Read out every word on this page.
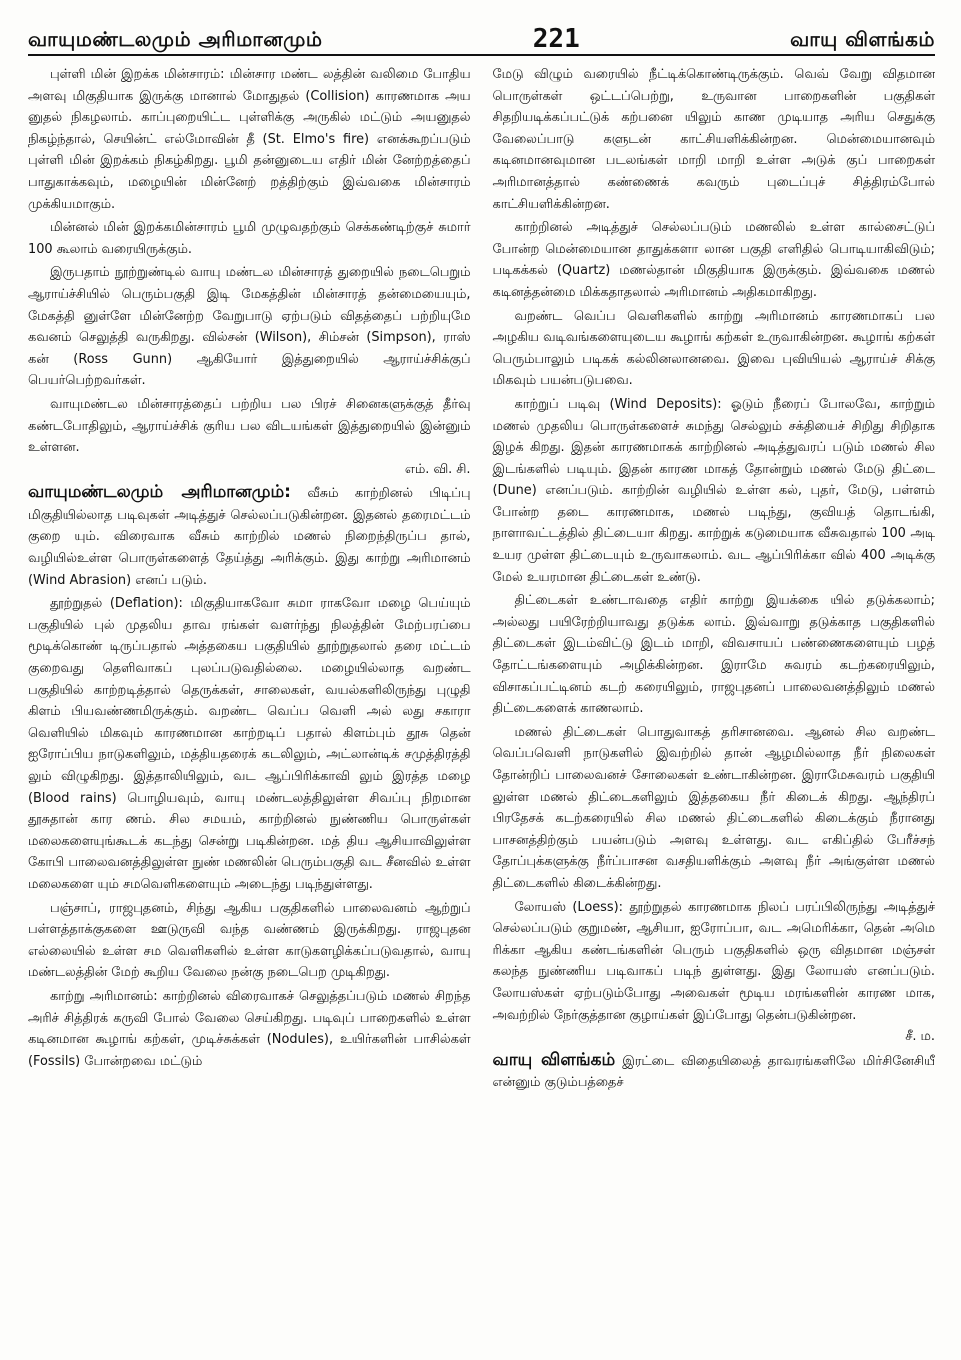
வாயுமண்டலமும் அரிமானமும்	221	வாயு விளங்கம்

புள்ளி மின் இறக்க மின்சாரம்: மின்சார மண்ட லத்தின் வலிமை போதிய அளவு மிகுதியாக இருக்கு மானால் மோதுதல் (Collision) காரணமாக அய னுதல் நிகழலாம். காப்புறையிட்ட புள்ளிக்கு அருகில் மட்டும் அயனுதல் நிகழ்ந்தால், செயின்ட் எல்மோவின் தீ (St. Elmo's fire) எனக்கூறப்படும் புள்ளி மின் இறக்கம் நிகழ்கிறது. பூமி தன்னுடைய எதிர் மின் னேற்றத்தைப் பாதுகாக்கவும், மழையின் மின்னேற் றத்திற்கும் இவ்வகை மின்சாரம் முக்கியமாகும்.

மின்னல் மின் இறக்கமின்சாரம் பூமி முழுவதற்கும் செக்கண்டிற்குச் சுமார் 100 கூலாம் வரையிருக்கும்.

இருபதாம் நூற்றுண்டில் வாயு மண்டல மின்சாரத் துறையில் நடைபெறும் ஆராய்ச்சியில் பெரும்பகுதி இடி மேகத்தின் மின்சாரத் தன்மையையும், மேகத்தி னுள்ளே மின்னேற்ற வேறுபாடு ஏற்படும் விதத்தைப் பற்றியுமே கவனம் செலுத்தி வருகிறது. வில்சன் (Wilson), சிம்சன் (Simpson), ராஸ் கன் (Ross Gunn) ஆகியோர் இத்துறையில் ஆராய்ச்சிக்குப் பெயர்பெற்றவர்கள்.

வாயுமண்டல மின்சாரத்தைப் பற்றிய பல பிரச் சினைகளுக்குத் தீர்வு கண்டபோதிலும், ஆராய்ச்சிக் குரிய பல விடயங்கள் இத்துறையில் இன்னும் உள்ளன.
எம். வி. சி.

வாயுமண்டலமும் அரிமானமும்: வீசும் காற்றினல் பிடிப்பு மிகுதியில்லாத படிவுகள் அடித்துச் செல்லப்படுகின்றன. இதனல் தரைமட்டம் குறை யும். விரைவாக வீசும் காற்றில் மணல் நிறைந்திருப்ப தால், வழியில்உள்ள பொருள்களைத் தேய்த்து அரிக்கும். இது காற்று அரிமானம் (Wind Abrasion) எனப் படும்.

தூற்றுதல் (Deflation): மிகுதியாகவோ சுமா ராகவோ மழை பெய்யும் பகுதியில் புல் முதலிய தாவ ரங்கள் வளர்ந்து நிலத்தின் மேற்பரப்பை மூடிக்கொண் டிருப்பதால் அத்தகைய பகுதியில் தூற்றுதலால் தரை மட்டம் குறைவது தெளிவாகப் புலப்படுவதில்லை. மழையில்லாத வறண்ட பகுதியில் காற்றடித்தால் தெருக்கள், சாலைகள், வயல்களிலிருந்து புழுதி கிளம் பியவண்ணமிருக்கும். வறண்ட வெப்ப வெளி அல் லது சகாரா வெளியில் மிகவும் காரணமான காற்றடிப் பதால் கிளம்பும் தூசு தென் ஐரோப்பிய நாடுகளிலும், மத்தியதரைக் கடலிலும், அட்லான்டிக் சமுத்திரத்தி லும் விழுகிறது. இத்தாலியிலும், வட ஆப்பிரிக்காவி லும் இரத்த மழை (Blood rains) பொழியவும், வாயு மண்டலத்திலுள்ள சிவப்பு நிறமான தூசுதான் கார ணம். சில சமயம், காற்றினல் நுண்ணிய பொருள்கள் மலைகளையுங்கூடக் கடந்து சென்று படிகின்றன. மத் திய ஆசியாவிலுள்ள கோபி பாலைவனத்திலுள்ள நுண் மணலின் பெரும்பகுதி வட சீனவில் உள்ள மலைகளை யும் சமவெளிகளையும் அடைந்து படிந்துள்ளது.

பஞ்சாப், ராஜபுதனம், சிந்து ஆகிய பகுதிகளில் பாலைவனம் ஆற்றுப் பள்ளத்தாக்குகளை ஊடுருவி வந்த வண்ணம் இருக்கிறது. ராஜபுதன எல்லையில் உள்ள சம வெளிகளில் உள்ள காடுகளழிக்கப்படுவதால், வாயு மண்டலத்தின் மேற் கூறிய வேலை நன்கு நடைபெற முடிகிறது.

காற்று அரிமானம்: காற்றினல் விரைவாகச் செலுத்தப்படும் மணல் சிறந்த அரிச் சித்திரக் கருவி போல் வேலை செய்கிறது. படிவுப் பாறைகளில் உள்ள கடினமான கூழாங் கற்கள், முடிச்சுக்கள் (Nodules), உயிர்களின் பாசில்கள் (Fossils) போன்றவை மட்டும்

மேடு விழும் வரையில் நீட்டிக்கொண்டிருக்கும். வெவ் வேறு விதமான பொருள்கள் ஒட்டப்பெற்று, உருவான பாறைகளின் பகுதிகள் சிதறியடிக்கப்பட்டுக் கற்பனை யிலும் காண முடியாத அரிய செதுக்கு வேலைப்பாடு களுடன் காட்சியளிக்கின்றன. மென்மையானவும் கடினமானவுமான படலங்கள் மாறி மாறி உள்ள அடுக் குப் பாறைகள் அரிமானத்தால் கண்ணைக் கவரும் புடைப்புச் சித்திரம்போல் காட்சியளிக்கின்றன.

காற்றினல் அடித்துச் செல்லப்படும் மணலில் உள்ள கால்சைட்டுப் போன்ற மென்மையான தாதுக்களா லான பகுதி எளிதில் பொடியாகிவிடும்; படிகக்கல் (Quartz) மணல்தான் மிகுதியாக இருக்கும். இவ்வகை மணல் கடினத்தன்மை மிக்கதாதலால் அரிமானம் அதிகமாகிறது.

வறண்ட வெப்ப வெளிகளில் காற்று அரிமானம் காரணமாகப் பல அழகிய வடிவங்களையுடைய கூழாங் கற்கள் உருவாகின்றன. கூழாங் கற்கள் பெரும்பாலும் படிகக் கல்லினலானவை. இவை புவியியல் ஆராய்ச் சிக்கு மிகவும் பயன்படுபவை.

காற்றுப் படிவு (Wind Deposits): ஓடும் நீரைப் போலவே, காற்றும் மணல் முதலிய பொருள்களைச் சுமந்து செல்லும் சக்தியைச் சிறிது சிறிதாக இழக் கிறது. இதன் காரணமாகக் காற்றினல் அடித்துவரப் படும் மணல் சில இடங்களில் படியும். இதன் காரண மாகத் தோன்றும் மணல் மேடு திட்டை (Dune) எனப்படும். காற்றின் வழியில் உள்ள கல், புதர், மேடு, பள்ளம் போன்ற தடை காரணமாக, மணல் படிந்து, குவியத் தொடங்கி, நாளாவட்டத்தில் திட்டையா கிறது. காற்றுக் கடுமையாக வீசுவதால் 100 அடி உயர முள்ள திட்டையும் உருவாகலாம். வட ஆப்பிரிக்கா வில் 400 அடிக்கு மேல் உயரமான திட்டைகள் உண்டு.

திட்டைகள் உண்டாவதை எதிர் காற்று இயக்கை யில் தடுக்கலாம்; அல்லது பயிரேற்றியாவது தடுக்க லாம். இவ்வாறு தடுக்காத பகுதிகளில் திட்டைகள் இடம்விட்டு இடம் மாறி, விவசாயப் பண்ணைகளையும் பழத் தோட்டங்களையும் அழிக்கின்றன. இராமே சுவரம் கடற்கரையிலும், விசாகப்பட்டினம் கடற் கரையிலும், ராஜபுதனப் பாலைவனத்திலும் மணல் திட்டைகளைக் காணலாம்.

மணல் திட்டைகள் பொதுவாகத் தரிசானவை. ஆனல் சில வறண்ட வெப்பவெளி நாடுகளில் இவற்றில் தான் ஆழமில்லாத நீர் நிலைகள் தோன்றிப் பாலைவனச் சோலைகள் உண்டாகின்றன. இராமேசுவரம் பகுதியி லுள்ள மணல் திட்டைகளிலும் இத்தகைய நீர் கிடைக் கிறது. ஆந்திரப் பிரதேசக் கடற்கரையில் சில மணல் திட்டைகளில் கிடைக்கும் நீரானது பாசனத்திற்கும் பயன்படும் அளவு உள்ளது. வட எகிப்தில் பேரீச்சந் தோப்புக்களுக்கு நீர்ப்பாசன வசதியளிக்கும் அளவு நீர் அங்குள்ள மணல் திட்டைகளில் கிடைக்கின்றது.

லோயஸ் (Loess): தூற்றுதல் காரணமாக நிலப் பரப்பிலிருந்து அடித்துச் செல்லப்படும் குறுமண், ஆசியா, ஐரோப்பா, வட அமெரிக்கா, தென் அமெ ரிக்கா ஆகிய கண்டங்களின் பெரும் பகுதிகளில் ஒரு விதமான மஞ்சள் கலந்த நுண்ணிய படிவாகப் படிந் துள்ளது. இது லோயஸ் எனப்படும். லோயஸ்கள் ஏற்படும்போது அவைகள் மூடிய மரங்களின் காரண மாக, அவற்றில் நேர்குத்தான குழாய்கள் இப்போது தென்படுகின்றன.
சீ. ம.

வாயு விளங்கம் இரட்டை விதையிலைத் தாவரங்களிலே மிர்சினேசியீ என்னும் குடும்பத்தைச்
